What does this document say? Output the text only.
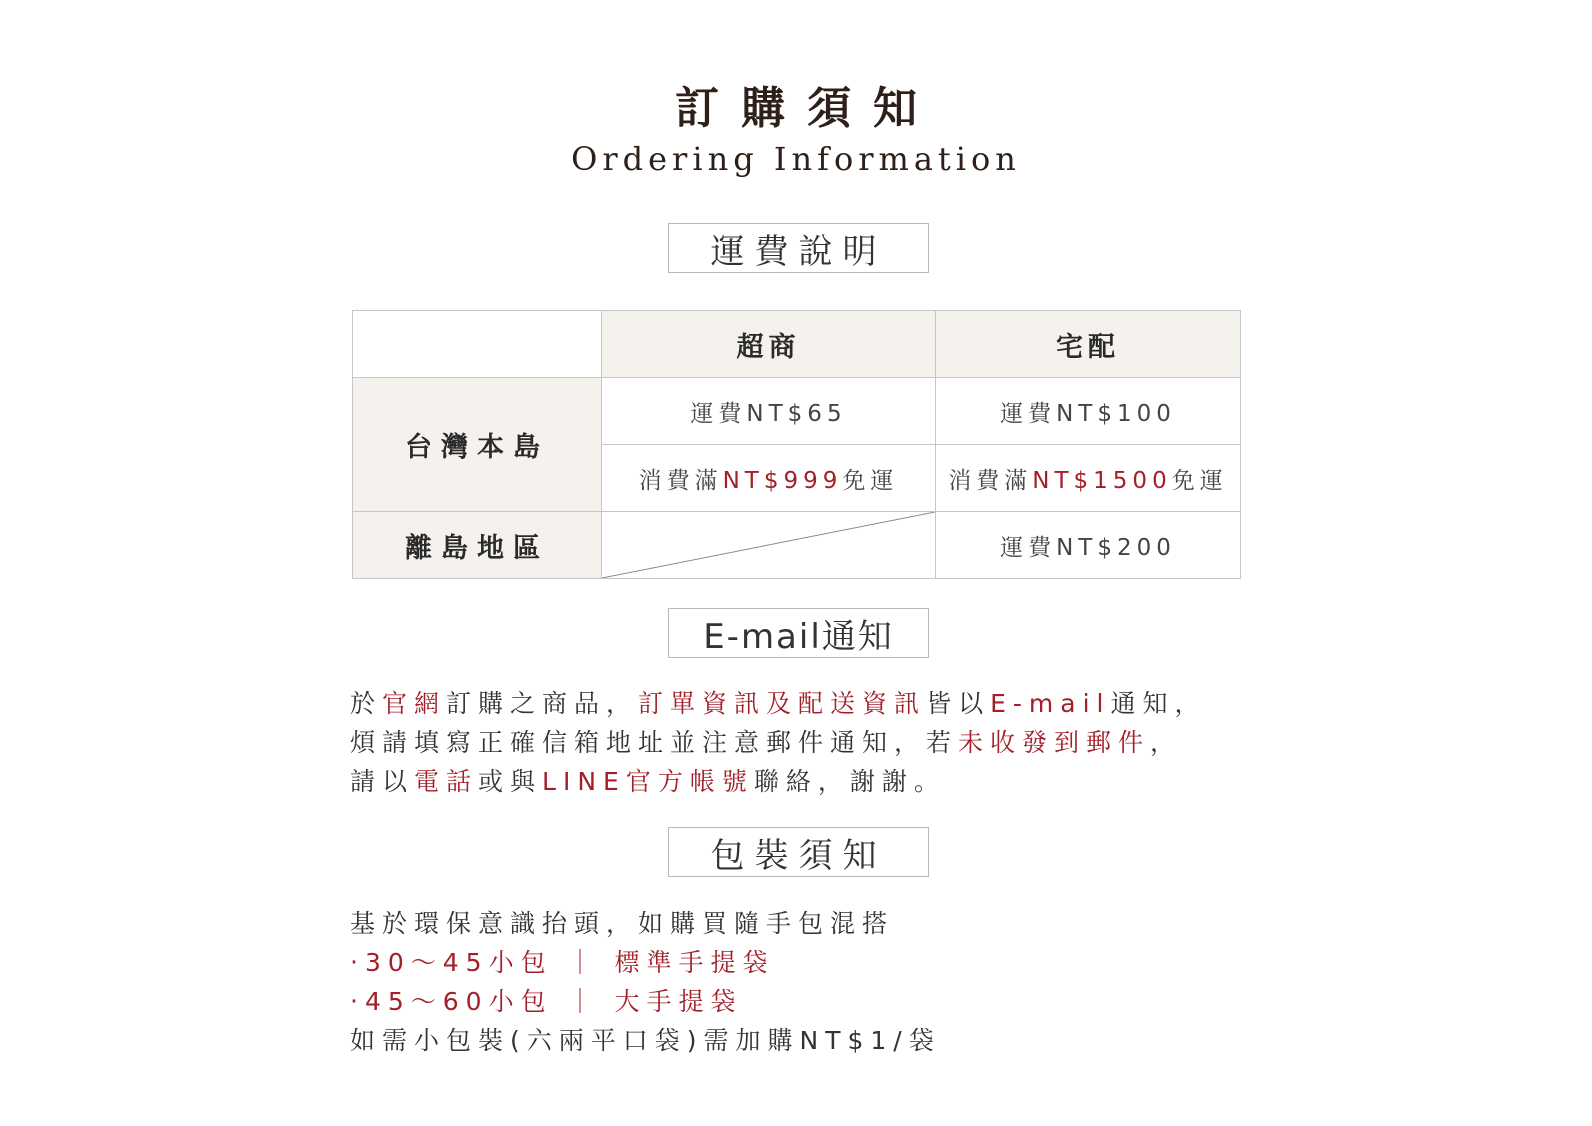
訂購須知
Ordering Information
運費說明
	超商	宅配
台灣本島	運費NT$65	運費NT$100
	消費滿NT$999免運	消費滿NT$1500免運
離島地區		運費NT$200
E-mail通知

於官網訂購之商品，訂單資訊及配送資訊皆以E-mail通知，

煩請填寫正確信箱地址並注意郵件通知，若未收發到郵件，

請以電話或與LINE官方帳號聯絡，謝謝。

包裝須知

基於環保意識抬頭，如購買隨手包混搭

‧30～45小包 ｜ 標準手提袋

‧45～60小包 ｜ 大手提袋

如需小包裝(六兩平口袋)需加購NT$1/袋
